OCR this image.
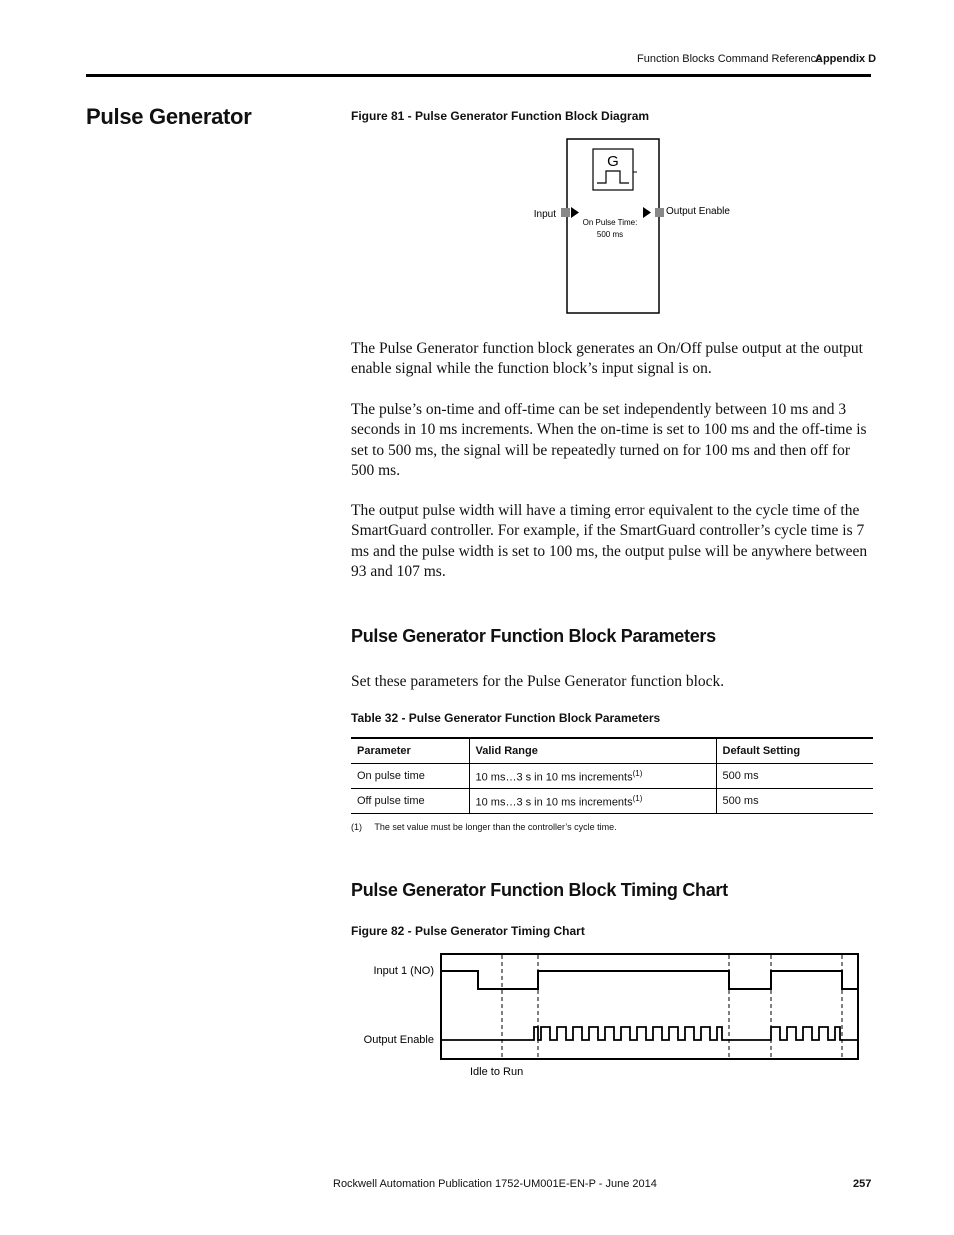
Function Blocks Command Reference
Appendix D
Pulse Generator	Figure 81 - Pulse Generator Function Block Diagram
G
Input	Output Enable
On Pulse Time:
500 ms
The Pulse Generator function block generates an On/Off pulse output at the output enable signal while the function block’s input signal is on.
The pulse’s on-time and off-time can be set independently between 10 ms and 3 seconds in 10 ms increments. When the on-time is set to 100 ms and the off-time is set to 500 ms, the signal will be repeatedly turned on for 100 ms and then off for 500 ms.
The output pulse width will have a timing error equivalent to the cycle time of the SmartGuard controller. For example, if the SmartGuard controller’s cycle time is 7 ms and the pulse width is set to 100 ms, the output pulse will be anywhere between 93 and 107 ms.
Pulse Generator Function Block Parameters
Set these parameters for the Pulse Generator function block.
Table 32 - Pulse Generator Function Block Parameters
Parameter	Valid Range	Default Setting
On pulse time	10 ms…3 s in 10 ms increments$^{(1)}$	500 ms
Off pulse time	10 ms…3 s in 10 ms increments$^{(1)}$	500 ms
(1) The set value must be longer than the controller’s cycle time.
Pulse Generator Function Block Timing Chart
Figure 82 - Pulse Generator Timing Chart
Input 1 (NO)
Output Enable
Idle to Run
Rockwell Automation Publication 1752-UM001E-EN-P - June 2014	257
